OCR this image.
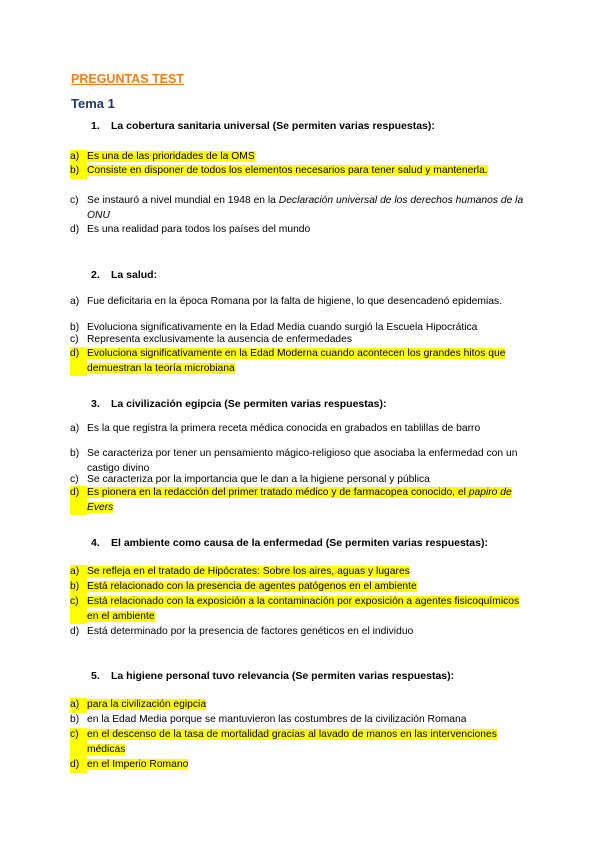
PREGUNTAS TEST
Tema 1
1.	La cobertura sanitaria universal (Se permiten varias respuestas):
a) Es una de las prioridades de la OMS
b) Consiste en disponer de todos los elementos necesarios para tener salud y mantenerla.
c) Se instauró a nivel mundial en 1948 en la Declaración universal de los derechos humanos de la ONU
d) Es una realidad para todos los países del mundo
2.	La salud:
a) Fue deficitaria en la época Romana por la falta de higiene, lo que desencadenó epidemias.
b) Evoluciona significativamente en la Edad Media cuando surgió la Escuela Hipocrática
c) Representa exclusivamente la ausencia de enfermedades
d) Evoluciona significativamente en la Edad Moderna cuando acontecen los grandes hitos que demuestran la teoría microbiana
3.	La civilización egipcia (Se permiten varias respuestas):
a) Es la que registra la primera receta médica conocida en grabados en tablillas de barro
b) Se caracteriza por tener un pensamiento mágico-religioso que asociaba la enfermedad con un castigo divino
c) Se caracteriza por la importancia que le dan a la higiene personal y pública
d) Es pionera en la redacción del primer tratado médico y de farmacopea conocido, el papiro de Evers
4.	El ambiente como causa de la enfermedad (Se permiten varias respuestas):
a) Se refleja en el tratado de Hipócrates: Sobre los aires, aguas y lugares
b) Está relacionado con la presencia de agentes patógenos en el ambiente
c) Está relacionado con la exposición a la contaminación por exposición a agentes fisicoquímicos en el ambiente
d) Está determinado por la presencia de factores genéticos en el individuo
5.	La higiene personal tuvo relevancia (Se permiten varias respuestas):
a) para la civilización egipcia
b) en la Edad Media porque se mantuvieron las costumbres de la civilización Romana
c) en el descenso de la tasa de mortalidad gracias al lavado de manos en las intervenciones médicas
d) en el Imperio Romano
